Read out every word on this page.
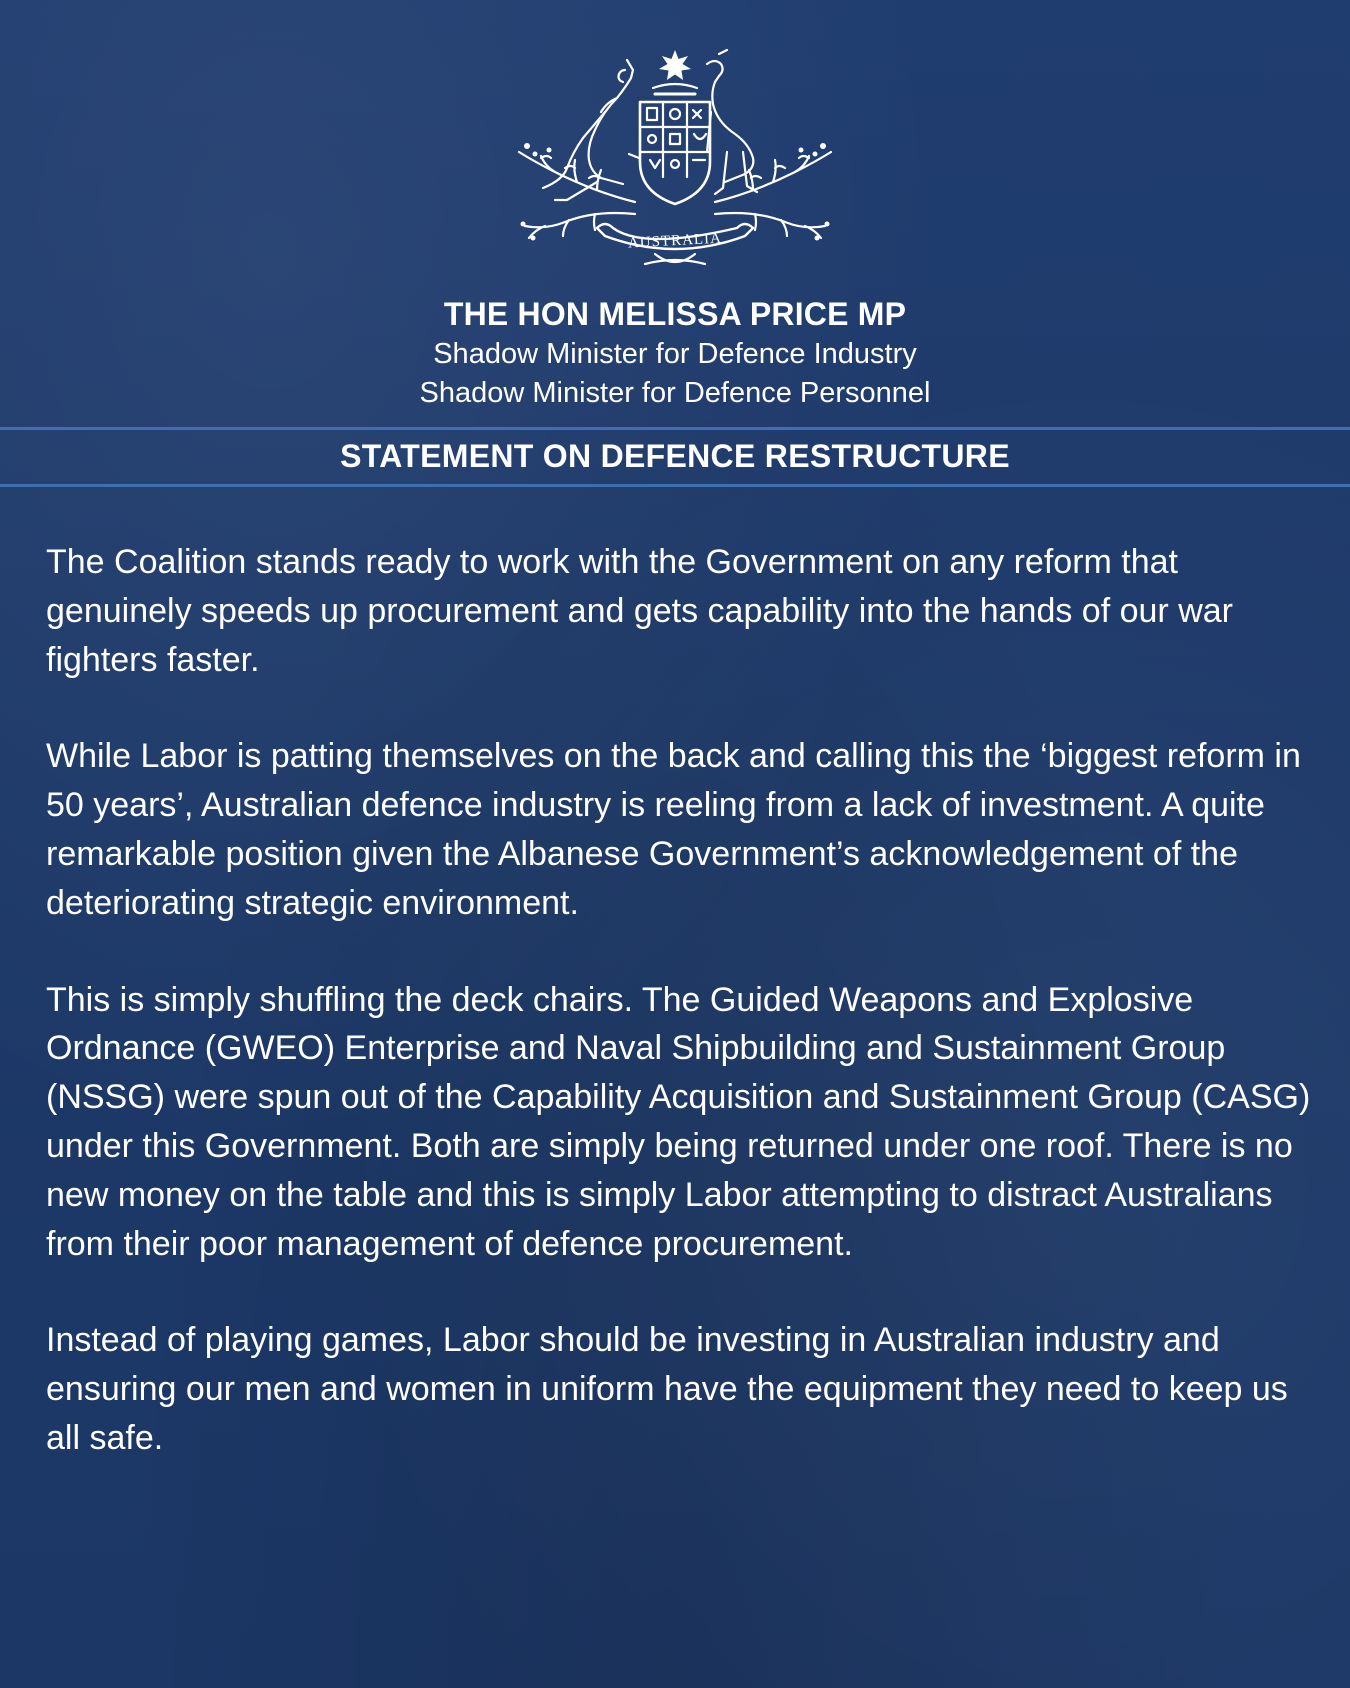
AUSTRALIA
THE HON MELISSA PRICE MP
Shadow Minister for Defence Industry
Shadow Minister for Defence Personnel
STATEMENT ON DEFENCE RESTRUCTURE

The Coalition stands ready to work with the Government on any reform that genuinely speeds up procurement and gets capability into the hands of our war fighters faster.

While Labor is patting themselves on the back and calling this the ‘biggest reform in 50 years’, Australian defence industry is reeling from a lack of investment. A quite remarkable position given the Albanese Government’s acknowledgement of the deteriorating strategic environment.

This is simply shuffling the deck chairs. The Guided Weapons and Explosive Ordnance (GWEO) Enterprise and Naval Shipbuilding and Sustainment Group (NSSG) were spun out of the Capability Acquisition and Sustainment Group (CASG) under this Government. Both are simply being returned under one roof. There is no new money on the table and this is simply Labor attempting to distract Australians from their poor management of defence procurement.

Instead of playing games, Labor should be investing in Australian industry and ensuring our men and women in uniform have the equipment they need to keep us all safe.
